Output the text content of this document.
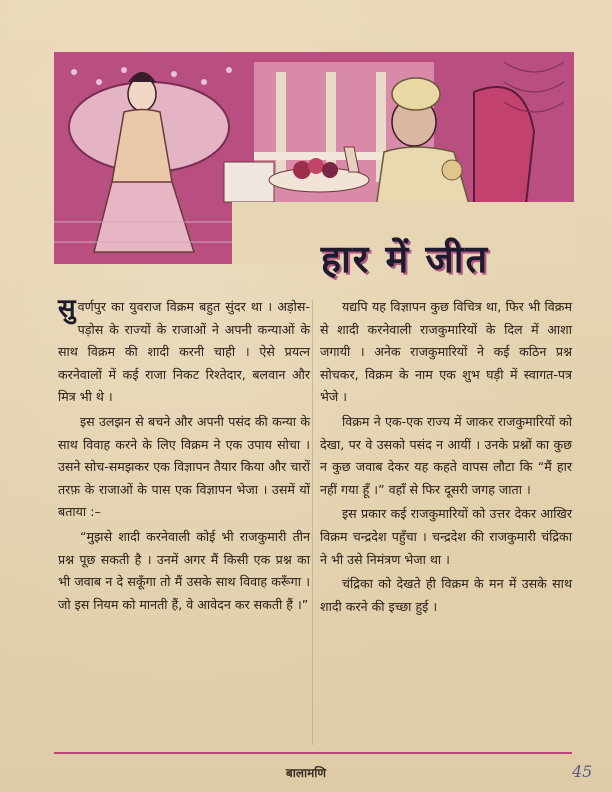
हार में जीत

सुवर्णपुर का युवराज विक्रम बहुत सुंदर था । अड़ोस-पड़ोस के राज्यों के राजाओं ने अपनी कन्याओं के साथ विक्रम की शादी करनी चाही । ऐसे प्रयत्न करनेवालों में कई राजा निकट रिश्तेदार, बलवान और मित्र भी थे ।

इस उलझन से बचने और अपनी पसंद की कन्या के साथ विवाह करने के लिए विक्रम ने एक उपाय सोचा । उसने सोच-समझकर एक विज्ञापन तैयार किया और चारों तरफ़ के राजाओं के पास एक विज्ञापन भेजा । उसमें यों बताया :–

“मुझसे शादी करनेवाली कोई भी राजकुमारी तीन प्रश्न पूछ सकती है । उनमें अगर मैं किसी एक प्रश्न का भी जवाब न दे सकूँगा तो मैं उसके साथ विवाह करूँगा । जो इस नियम को मानती हैं, वे आवेदन कर सकती हैं ।”

यद्यपि यह विज्ञापन कुछ विचित्र था, फिर भी विक्रम से शादी करनेवाली राजकुमारियों के दिल में आशा जगायी । अनेक राजकुमारियों ने कई कठिन प्रश्न सोचकर, विक्रम के नाम एक शुभ घड़ी में स्वागत-पत्र भेजे ।

विक्रम ने एक-एक राज्य में जाकर राजकुमारियों को देखा, पर वे उसको पसंद न आयीं । उनके प्रश्नों का कुछ न कुछ जवाब देकर यह कहते वापस लौटा कि “मैं हार नहीं गया हूँ ।” वहाँ से फिर दूसरी जगह जाता ।

इस प्रकार कई राजकुमारियों को उत्तर देकर आखिर विक्रम चन्द्रदेश पहुँचा । चन्द्रदेश की राजकुमारी चंद्रिका ने भी उसे निमंत्रण भेजा था ।

चंद्रिका को देखते ही विक्रम के मन में उसके साथ शादी करने की इच्छा हुई ।

बालामणि	45
